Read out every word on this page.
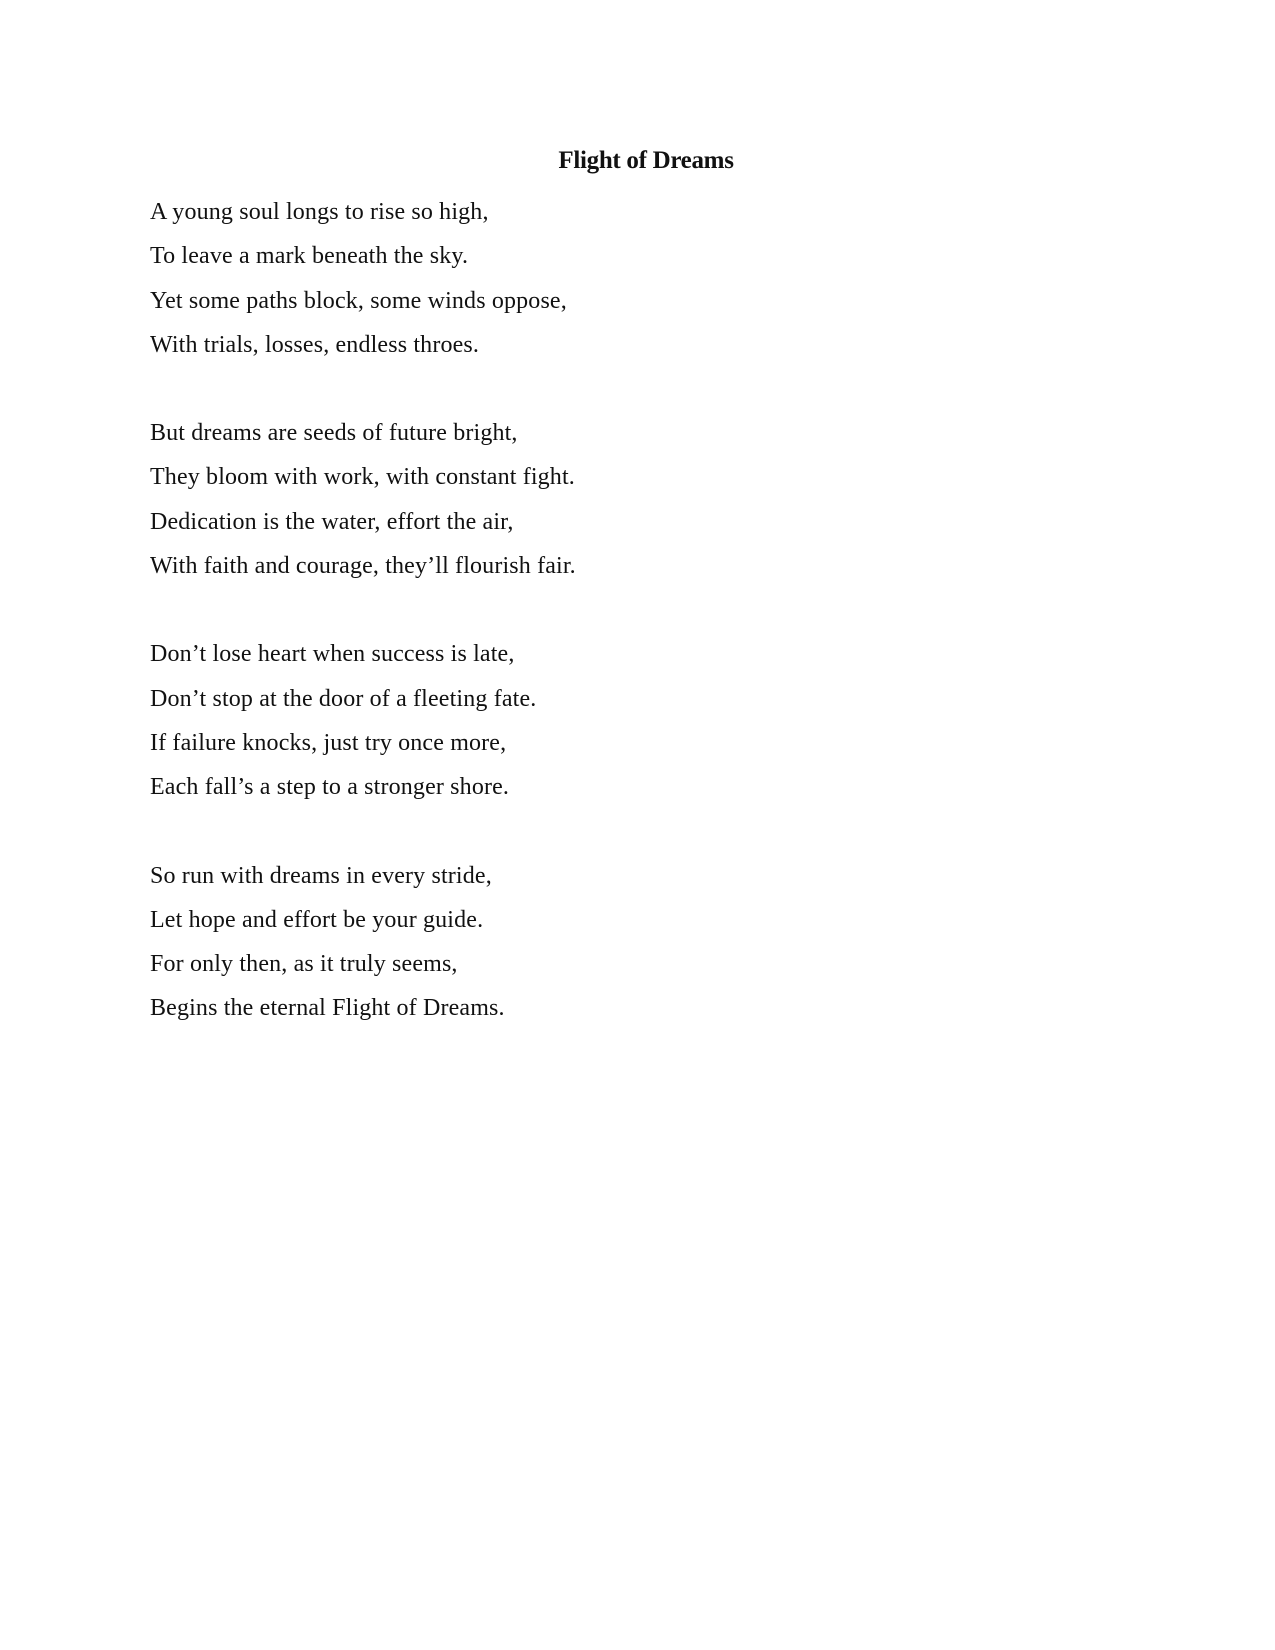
Flight of Dreams
A young soul longs to rise so high,
To leave a mark beneath the sky.
Yet some paths block, some winds oppose,
With trials, losses, endless throes.
But dreams are seeds of future bright,
They bloom with work, with constant fight.
Dedication is the water, effort the air,
With faith and courage, they’ll flourish fair.
Don’t lose heart when success is late,
Don’t stop at the door of a fleeting fate.
If failure knocks, just try once more,
Each fall’s a step to a stronger shore.
So run with dreams in every stride,
Let hope and effort be your guide.
For only then, as it truly seems,
Begins the eternal Flight of Dreams.
